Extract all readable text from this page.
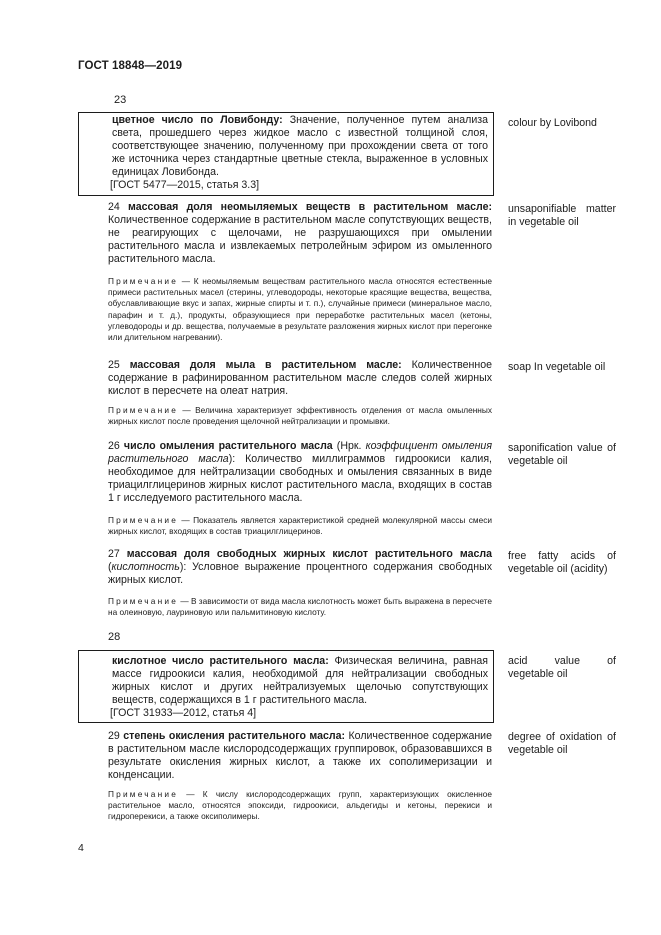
ГОСТ 18848—2019
23

цветное число по Ловибонду: Значение, полученное путем анализа света, прошедшего через жидкое масло с известной толщиной слоя, соответствующее значению, полученному при прохождении света от того же источника через стандартные цветные стекла, выраженное в условных единицах Ловибонда.

[ГОСТ 5477—2015, статья 3.3]

colour by Lovibond

24 массовая доля неомыляемых веществ в растительном масле: Количественное содержание в растительном масле сопутствующих веществ, не реагирующих с щелочами, не разрушающихся при омылении растительного масла и извлекаемых петролейным эфиром из омыленного растительного масла.

unsaponifiable matter in vegetable oil

Примечание — К неомыляемым веществам растительного масла относятся естественные примеси растительных масел (стерины, углеводороды, некоторые красящие вещества, вещества, обуславливающие вкус и запах, жирные спирты и т. п.), случайные примеси (минеральное масло, парафин и т. д.), продукты, образующиеся при переработке растительных масел (кетоны, углеводороды и др. вещества, получаемые в результате разложения жирных кислот при перегонке или длительном нагревании).

25 массовая доля мыла в растительном масле: Количественное содержание в рафинированном растительном масле следов солей жирных кислот в пересчете на олеат натрия.

soap In vegetable oil

Примечание — Величина характеризует эффективность отделения от масла омыленных жирных кислот после проведения щелочной нейтрализации и промывки.

26 число омыления растительного масла (Нрк. коэффициент омыления растительного масла): Количество миллиграммов гидроокиси калия, необходимое для нейтрализации свободных и омыления связанных в виде триацилглицеринов жирных кислот растительного масла, входящих в состав 1 г исследуемого растительного масла.

saponification value of vegetable oil

Примечание — Показатель является характеристикой средней молекулярной массы смеси жирных кислот, входящих в состав триацилглицеринов.

27 массовая доля свободных жирных кислот растительного масла (кислотность): Условное выражение процентного содержания свободных жирных кислот.

free fatty acids of vegetable oil (acidity)

Примечание — В зависимости от вида масла кислотность может быть выражена в пересчете на олеиновую, лауриновую или пальмитиновую кислоту.

28

кислотное число растительного масла: Физическая величина, равная массе гидроокиси калия, необходимой для нейтрализации свободных жирных кислот и других нейтрализуемых щелочью сопутствующих веществ, содержащихся в 1 г растительного масла.

[ГОСТ 31933—2012, статья 4]

acid value of vegetable oil

29 степень окисления растительного масла: Количественное содержание в растительном масле кислородсодержащих группировок, образовавшихся в результате окисления жирных кислот, а также их сополимеризации и конденсации.

degree of oxidation of vegetable oil

Примечание — К числу кислородсодержащих групп, характеризующих окисленное растительное масло, относятся эпоксиди, гидроокиси, альдегиды и кетоны, перекиси и гидроперекиси, а также оксиполимеры.

4
